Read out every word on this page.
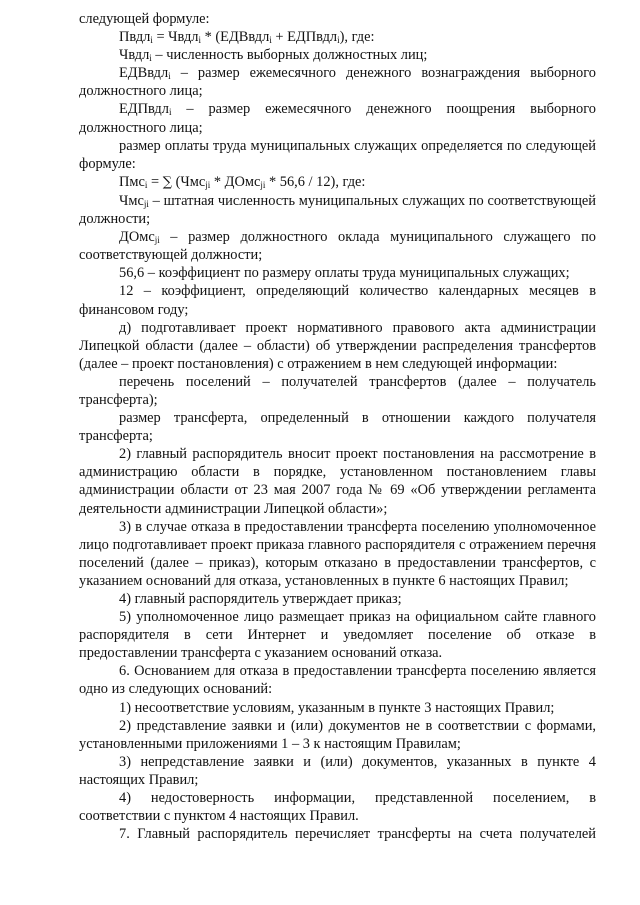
следующей формуле:

Пвдл$_i$ = Чвдл$_i$ * (ЕДВвдл$_i$ + ЕДПвдл$_i$), где:

Чвдл$_i$ – численность выборных должностных лиц;

ЕДВвдл$_i$ – размер ежемесячного денежного вознаграждения выборного должностного лица;

ЕДПвдл$_i$ – размер ежемесячного денежного поощрения выборного должностного лица;

размер оплаты труда муниципальных служащих определяется по следующей формуле:

Пмс$_i$ = ∑ (Чмс$_{ji}$ * ДОмс$_{ji}$ * 56,6 / 12), где:

Чмс$_{ji}$ – штатная численность муниципальных служащих по соответствующей должности;

ДОмс$_{ji}$ – размер должностного оклада муниципального служащего по соответствующей должности;

56,6 – коэффициент по размеру оплаты труда муниципальных служащих;

12 – коэффициент, определяющий количество календарных месяцев в финансовом году;

д) подготавливает проект нормативного правового акта администрации Липецкой области (далее – области) об утверждении распределения трансфертов (далее – проект постановления) с отражением в нем следующей информации:

перечень поселений – получателей трансфертов (далее – получатель трансферта);

размер трансферта, определенный в отношении каждого получателя трансферта;

2) главный распорядитель вносит проект постановления на рассмотрение в администрацию области в порядке, установленном постановлением главы администрации области от 23 мая 2007 года № 69 «Об утверждении регламента деятельности администрации Липецкой области»;

3) в случае отказа в предоставлении трансферта поселению уполномоченное лицо подготавливает проект приказа главного распорядителя с отражением перечня поселений (далее – приказ), которым отказано в предоставлении трансфертов, с указанием оснований для отказа, установленных в пункте 6 настоящих Правил;

4) главный распорядитель утверждает приказ;

5) уполномоченное лицо размещает приказ на официальном сайте главного распорядителя в сети Интернет и уведомляет поселение об отказе в предоставлении трансферта с указанием оснований отказа.

6. Основанием для отказа в предоставлении трансферта поселению является одно из следующих оснований:

1) несоответствие условиям, указанным в пункте 3 настоящих Правил;

2) представление заявки и (или) документов не в соответствии с формами, установленными приложениями 1 – 3 к настоящим Правилам;

3) непредставление заявки и (или) документов, указанных в пункте 4 настоящих Правил;

4) недостоверность информации, представленной поселением, в соответствии с пунктом 4 настоящих Правил.

7. Главный распорядитель перечисляет трансферты на счета получателей
